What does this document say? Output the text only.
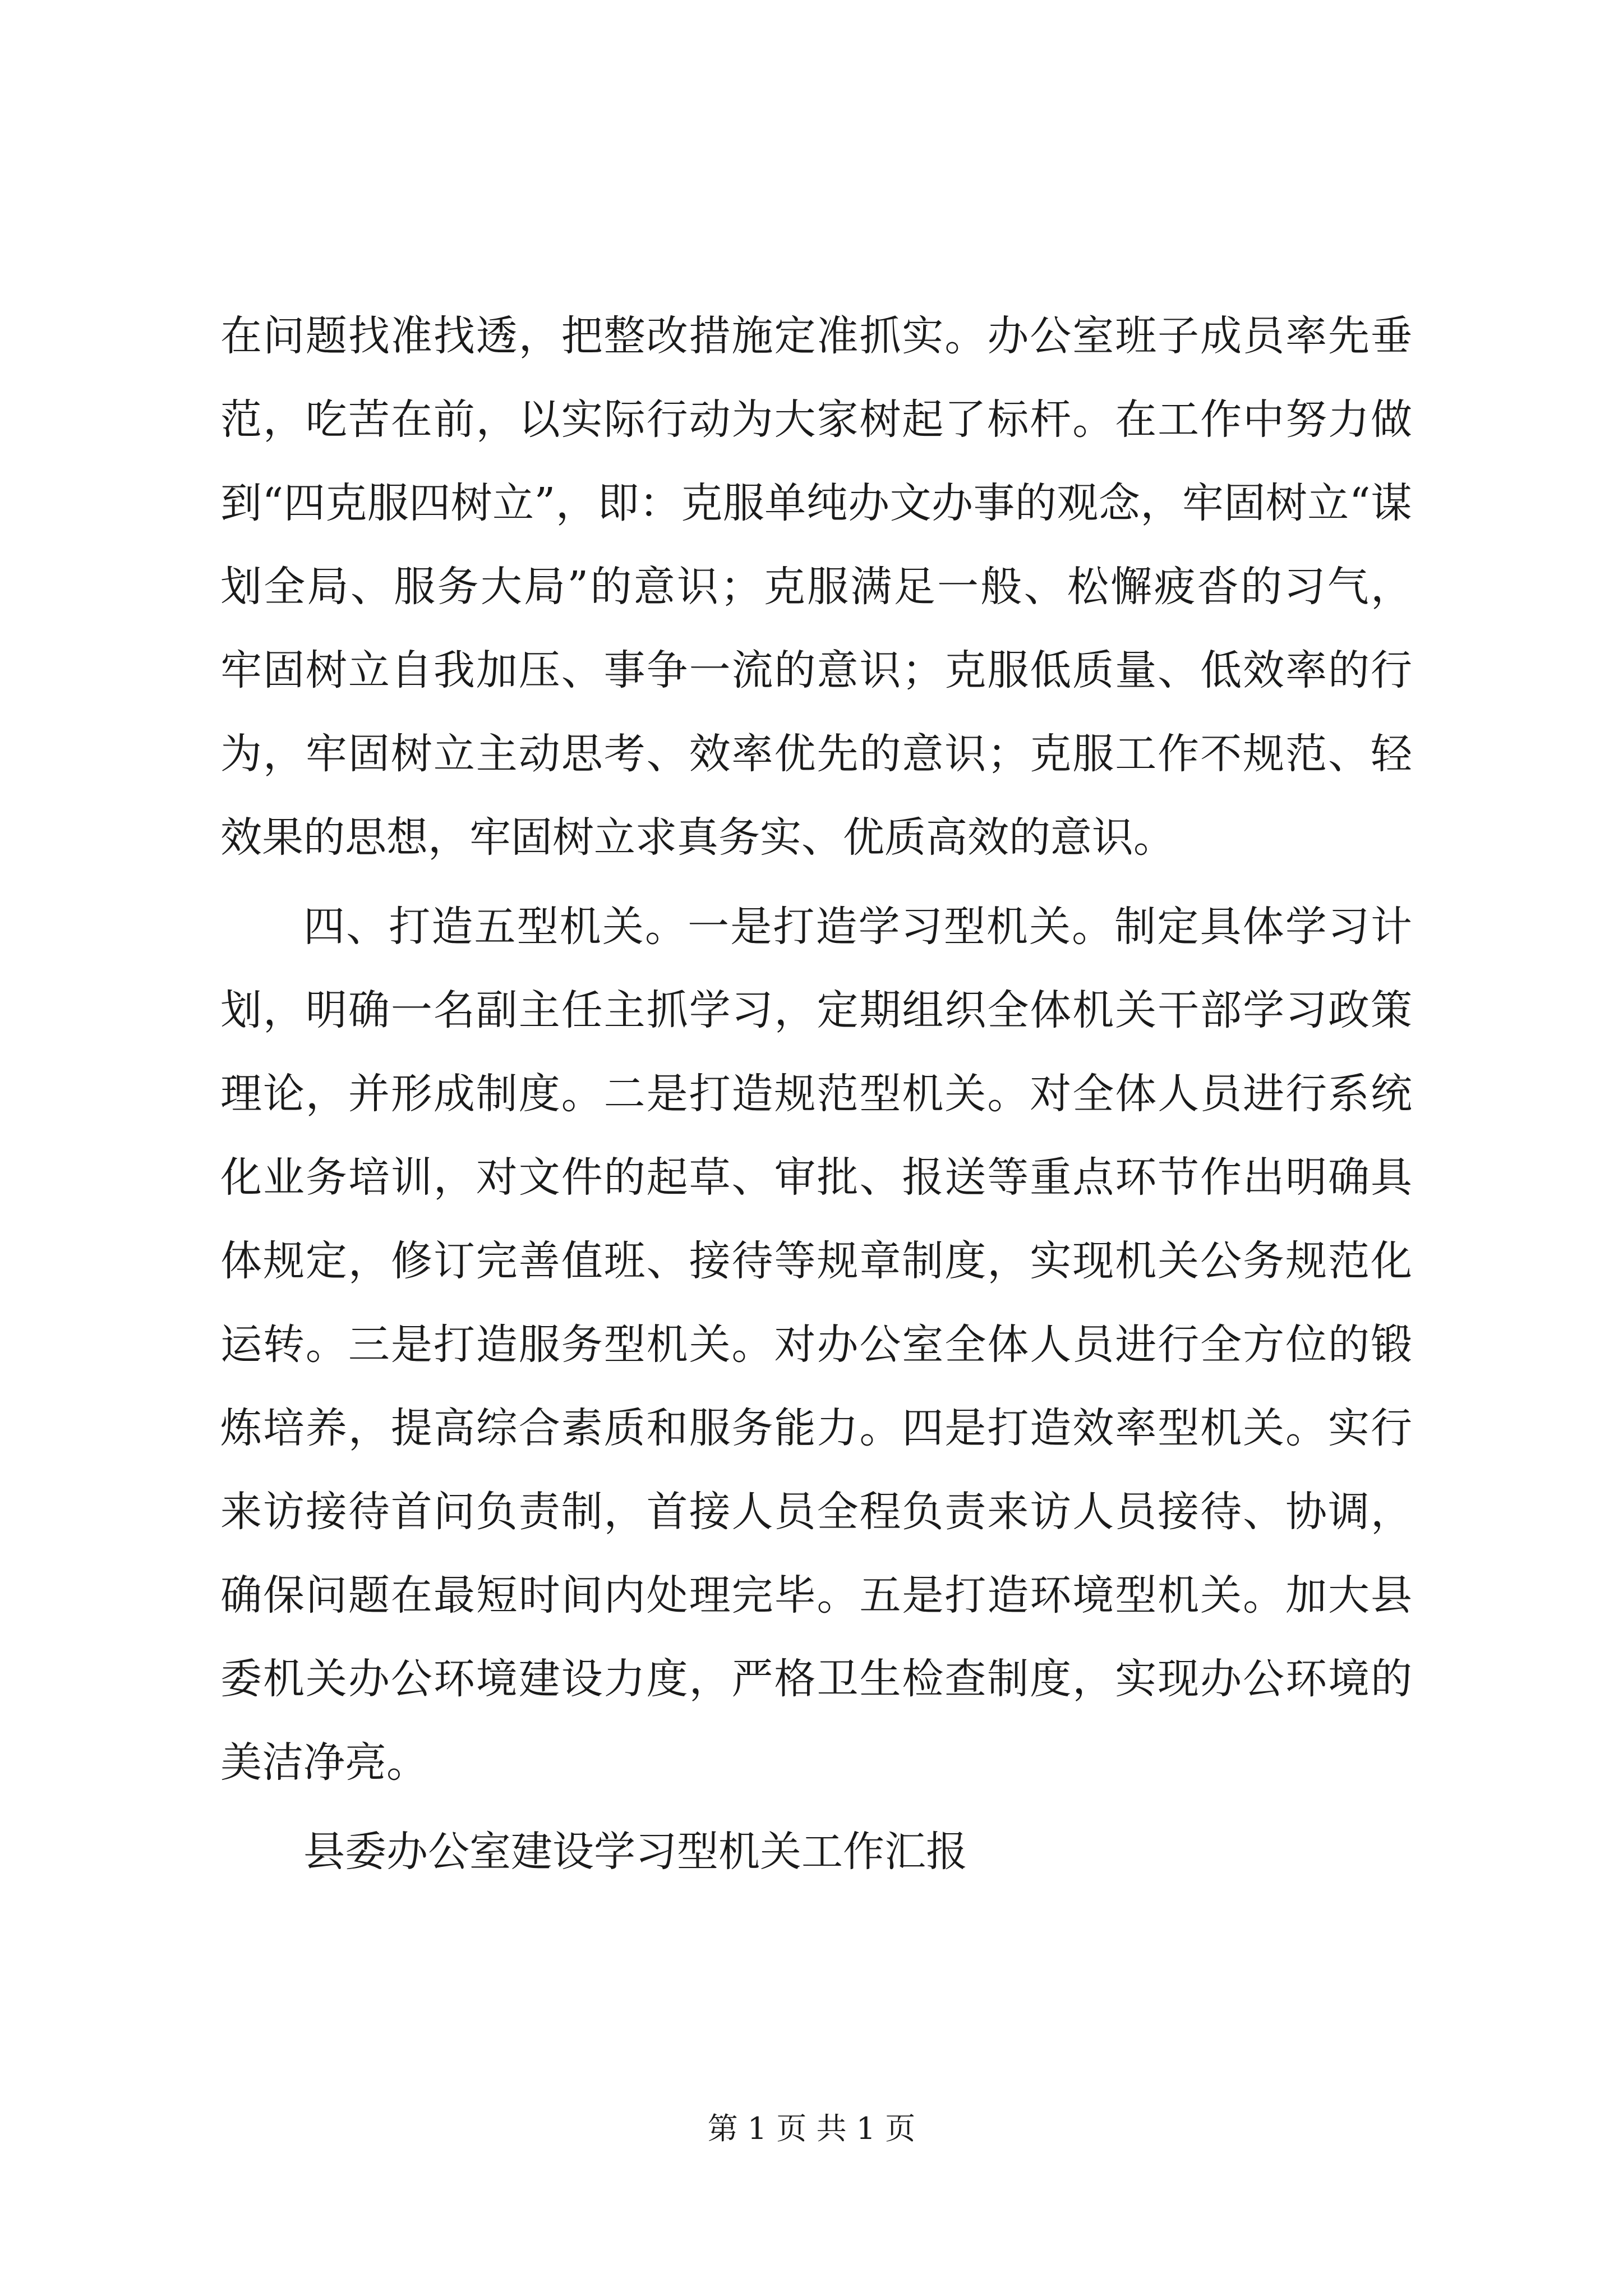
在问题找准找透，把整改措施定准抓实。办公室班子成员率先垂
范，吃苦在前，以实际行动为大家树起了标杆。在工作中努力做
到“四克服四树立”，即：克服单纯办文办事的观念，牢固树立“谋
划全局、服务大局”的意识；克服满足一般、松懈疲沓的习气，
牢固树立自我加压、事争一流的意识；克服低质量、低效率的行
为，牢固树立主动思考、效率优先的意识；克服工作不规范、轻
效果的思想，牢固树立求真务实、优质高效的意识。
四、打造五型机关。一是打造学习型机关。制定具体学习计
划，明确一名副主任主抓学习，定期组织全体机关干部学习政策
理论，并形成制度。二是打造规范型机关。对全体人员进行系统
化业务培训，对文件的起草、审批、报送等重点环节作出明确具
体规定，修订完善值班、接待等规章制度，实现机关公务规范化
运转。三是打造服务型机关。对办公室全体人员进行全方位的锻
炼培养，提高综合素质和服务能力。四是打造效率型机关。实行
来访接待首问负责制，首接人员全程负责来访人员接待、协调，
确保问题在最短时间内处理完毕。五是打造环境型机关。加大县
委机关办公环境建设力度，严格卫生检查制度，实现办公环境的
美洁净亮。
县委办公室建设学习型机关工作汇报
第 1 页 共 1 页
